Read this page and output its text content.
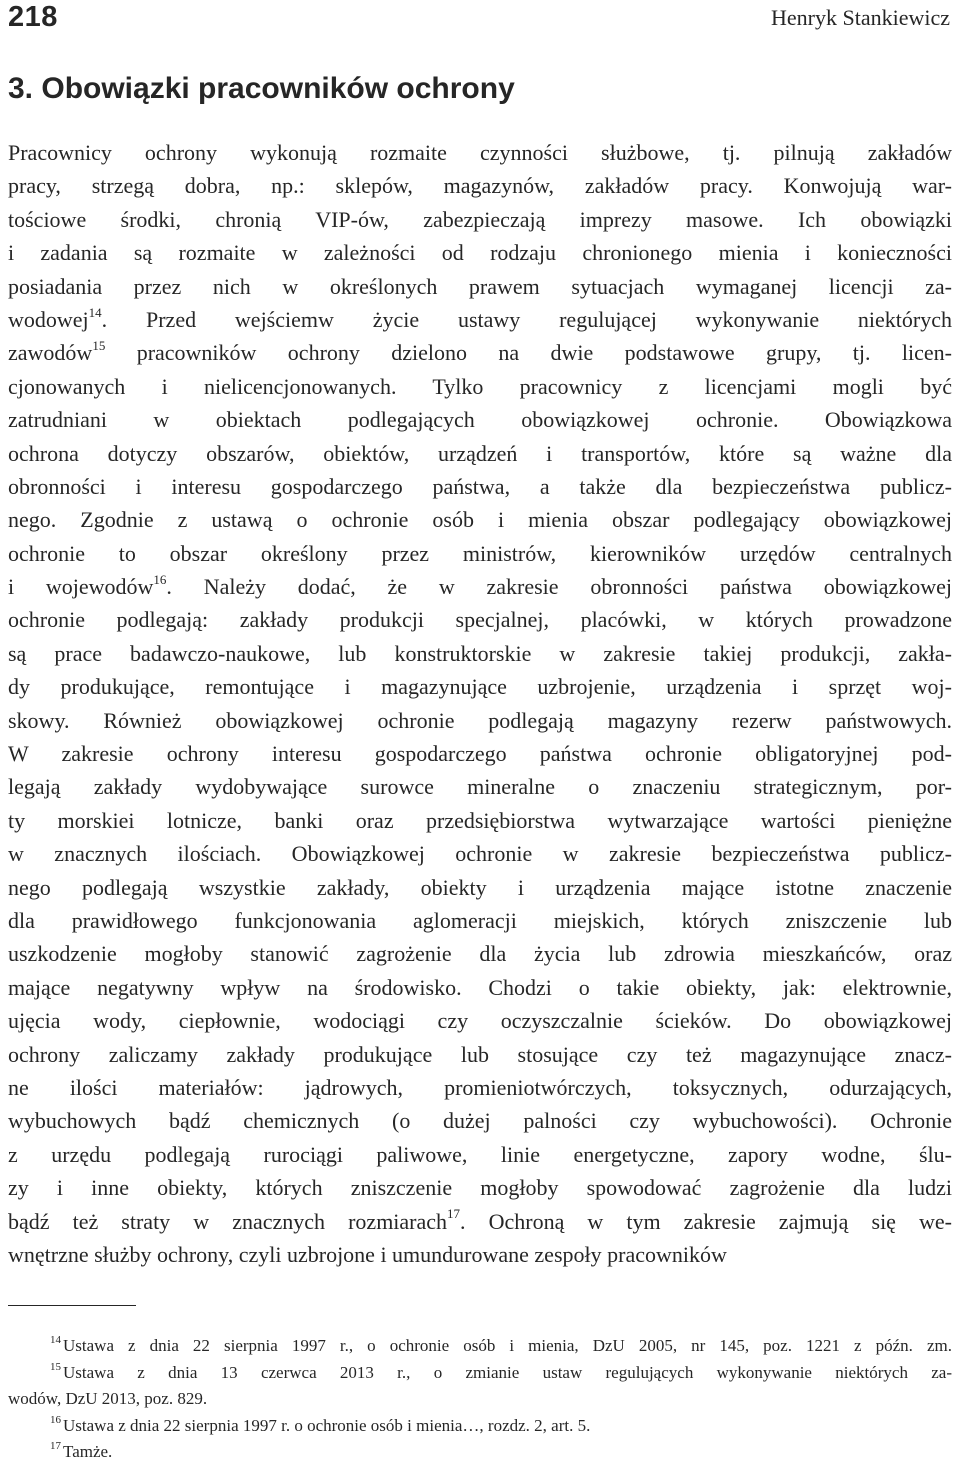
218	Henryk Stankiewicz
3. Obowiązki pracowników ochrony
Pracownicy ochrony wykonują rozmaite czynności służbowe, tj. pilnują zakładów
pracy, strzegą dobra, np.: sklepów, magazynów, zakładów pracy. Konwojują war-
tościowe środki, chronią VIP-ów, zabezpieczają imprezy masowe. Ich obowiązki
i zadania są rozmaite w zależności od rodzaju chronionego mienia i konieczności
posiadania przez nich w określonych prawem sytuacjach wymaganej licencji za-
wodowej$^{14}$. Przed wejściemw życie ustawy regulującej wykonywanie niektórych
zawodów$^{15}$ pracowników ochrony dzielono na dwie podstawowe grupy, tj. licen-
cjonowanych i nielicencjonowanych. Tylko pracownicy z licencjami mogli być
zatrudniani w obiektach podlegających obowiązkowej ochronie. Obowiązkowa
ochrona dotyczy obszarów, obiektów, urządzeń i transportów, które są ważne dla
obronności i interesu gospodarczego państwa, a także dla bezpieczeństwa publicz-
nego. Zgodnie z ustawą o ochronie osób i mienia obszar podlegający obowiązkowej
ochronie to obszar określony przez ministrów, kierowników urzędów centralnych
i wojewodów$^{16}$. Należy dodać, że w zakresie obronności państwa obowiązkowej
ochronie podlegają: zakłady produkcji specjalnej, placówki, w których prowadzone
są prace badawczo-naukowe, lub konstruktorskie w zakresie takiej produkcji, zakła-
dy produkujące, remontujące i magazynujące uzbrojenie, urządzenia i sprzęt woj-
skowy. Również obowiązkowej ochronie podlegają magazyny rezerw państwowych.
W zakresie ochrony interesu gospodarczego państwa ochronie obligatoryjnej pod-
legają zakłady wydobywające surowce mineralne o znaczeniu strategicznym, por-
ty morskiei lotnicze, banki oraz przedsiębiorstwa wytwarzające wartości pieniężne
w znacznych ilościach. Obowiązkowej ochronie w zakresie bezpieczeństwa publicz-
nego podlegają wszystkie zakłady, obiekty i urządzenia mające istotne znaczenie
dla prawidłowego funkcjonowania aglomeracji miejskich, których zniszczenie lub
uszkodzenie mogłoby stanowić zagrożenie dla życia lub zdrowia mieszkańców, oraz
mające negatywny wpływ na środowisko. Chodzi o takie obiekty, jak: elektrownie,
ujęcia wody, ciepłownie, wodociągi czy oczyszczalnie ścieków. Do obowiązkowej
ochrony zaliczamy zakłady produkujące lub stosujące czy też magazynujące znacz-
ne ilości materiałów: jądrowych, promieniotwórczych, toksycznych, odurzających,
wybuchowych bądź chemicznych (o dużej palności czy wybuchowości). Ochronie
z urzędu podlegają rurociągi paliwowe, linie energetyczne, zapory wodne, ślu-
zy i inne obiekty, których zniszczenie mogłoby spowodować zagrożenie dla ludzi
bądź też straty w znacznych rozmiarach$^{17}$. Ochroną w tym zakresie zajmują się we-
wnętrzne służby ochrony, czyli uzbrojone i umundurowane zespoły pracowników
$^{14}$ Ustawa z dnia 22 sierpnia 1997 r., o ochronie osób i mienia, DzU 2005, nr 145, poz. 1221 z późn. zm.
$^{15}$ Ustawa z dnia 13 czerwca 2013 r., o zmianie ustaw regulujących wykonywanie niektórych za-
wodów, DzU 2013, poz. 829.
$^{16}$ Ustawa z dnia 22 sierpnia 1997 r. o ochronie osób i mienia…, rozdz. 2, art. 5.
$^{17}$ Tamże.
